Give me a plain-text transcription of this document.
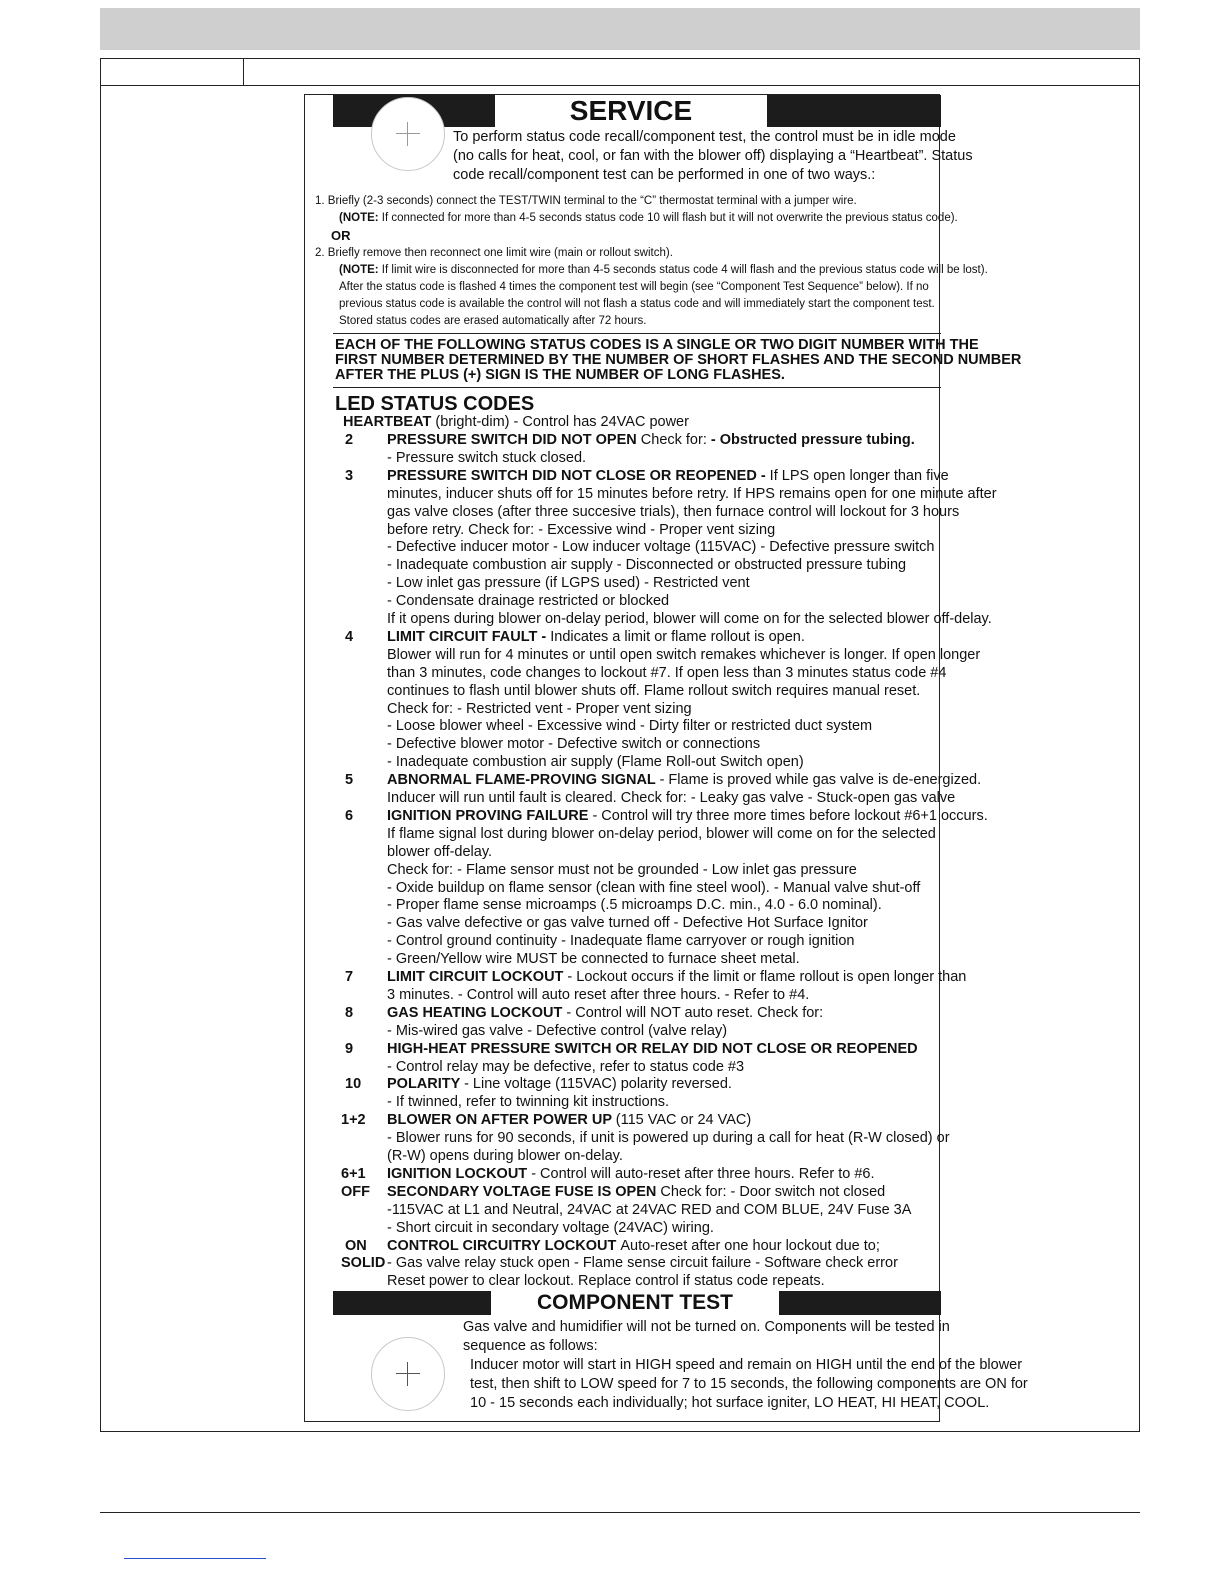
SERVICE
To perform status code recall/component test, the control must be in idle mode
(no calls for heat, cool, or fan with the blower off) displaying a “Heartbeat”. Status
code recall/component test can be performed in one of two ways.:
1. Briefly (2-3 seconds) connect the TEST/TWIN terminal to the “C” thermostat terminal with a jumper wire.
(NOTE: If connected for more than 4-5 seconds status code 10 will flash but it will not overwrite the previous status code).
OR
2. Briefly remove then reconnect one limit wire (main or rollout switch).
(NOTE: If limit wire is disconnected for more than 4-5 seconds status code 4 will flash and the previous status code will be lost).
After the status code is flashed 4 times the component test will begin (see “Component Test Sequence” below). If no
previous status code is available the control will not flash a status code and will immediately start the component test.
Stored status codes are erased automatically after 72 hours.
EACH OF THE FOLLOWING STATUS CODES IS A SINGLE OR TWO DIGIT NUMBER WITH THE
FIRST NUMBER DETERMINED BY THE NUMBER OF SHORT FLASHES AND THE SECOND NUMBER
AFTER THE PLUS (+) SIGN IS THE NUMBER OF LONG FLASHES.
LED STATUS CODES
HEARTBEAT (bright-dim) - Control has 24VAC power
2 PRESSURE SWITCH DID NOT OPEN Check for: - Obstructed pressure tubing.
- Pressure switch stuck closed.
3 PRESSURE SWITCH DID NOT CLOSE OR REOPENED - If LPS open longer than five
minutes, inducer shuts off for 15 minutes before retry. If HPS remains open for one minute after
gas valve closes (after three succesive trials), then furnace control will lockout for 3 hours
before retry. Check for: - Excessive wind - Proper vent sizing
- Defective inducer motor - Low inducer voltage (115VAC) - Defective pressure switch
- Inadequate combustion air supply - Disconnected or obstructed pressure tubing
- Low inlet gas pressure (if LGPS used) - Restricted vent
- Condensate drainage restricted or blocked
If it opens during blower on-delay period, blower will come on for the selected blower off-delay.
4 LIMIT CIRCUIT FAULT - Indicates a limit or flame rollout is open.
Blower will run for 4 minutes or until open switch remakes whichever is longer. If open longer
than 3 minutes, code changes to lockout #7. If open less than 3 minutes status code #4
continues to flash until blower shuts off. Flame rollout switch requires manual reset.
Check for: - Restricted vent - Proper vent sizing
- Loose blower wheel - Excessive wind - Dirty filter or restricted duct system
- Defective blower motor - Defective switch or connections
- Inadequate combustion air supply (Flame Roll-out Switch open)
5 ABNORMAL FLAME-PROVING SIGNAL - Flame is proved while gas valve is de-energized.
Inducer will run until fault is cleared. Check for: - Leaky gas valve - Stuck-open gas valve
6 IGNITION PROVING FAILURE - Control will try three more times before lockout #6+1 occurs.
If flame signal lost during blower on-delay period, blower will come on for the selected
blower off-delay.
Check for: - Flame sensor must not be grounded - Low inlet gas pressure
- Oxide buildup on flame sensor (clean with fine steel wool). - Manual valve shut-off
- Proper flame sense microamps (.5 microamps D.C. min., 4.0 - 6.0 nominal).
- Gas valve defective or gas valve turned off - Defective Hot Surface Ignitor
- Control ground continuity - Inadequate flame carryover or rough ignition
- Green/Yellow wire MUST be connected to furnace sheet metal.
7 LIMIT CIRCUIT LOCKOUT - Lockout occurs if the limit or flame rollout is open longer than
3 minutes. - Control will auto reset after three hours. - Refer to #4.
8 GAS HEATING LOCKOUT - Control will NOT auto reset. Check for:
- Mis-wired gas valve - Defective control (valve relay)
9 HIGH-HEAT PRESSURE SWITCH OR RELAY DID NOT CLOSE OR REOPENED
- Control relay may be defective, refer to status code #3
10 POLARITY - Line voltage (115VAC) polarity reversed.
- If twinned, refer to twinning kit instructions.
1+2 BLOWER ON AFTER POWER UP (115 VAC or 24 VAC)
- Blower runs for 90 seconds, if unit is powered up during a call for heat (R-W closed) or
(R-W) opens during blower on-delay.
6+1 IGNITION LOCKOUT - Control will auto-reset after three hours. Refer to #6.
OFF SECONDARY VOLTAGE FUSE IS OPEN Check for: - Door switch not closed
-115VAC at L1 and Neutral, 24VAC at 24VAC RED and COM BLUE, 24V Fuse 3A
- Short circuit in secondary voltage (24VAC) wiring.
ON CONTROL CIRCUITRY LOCKOUT Auto-reset after one hour lockout due to;
SOLID - Gas valve relay stuck open - Flame sense circuit failure - Software check error
Reset power to clear lockout. Replace control if status code repeats.
COMPONENT TEST
Gas valve and humidifier will not be turned on. Components will be tested in
sequence as follows:
Inducer motor will start in HIGH speed and remain on HIGH until the end of the blower
test, then shift to LOW speed for 7 to 15 seconds, the following components are ON for
10 - 15 seconds each individually; hot surface igniter, LO HEAT, HI HEAT, COOL.
